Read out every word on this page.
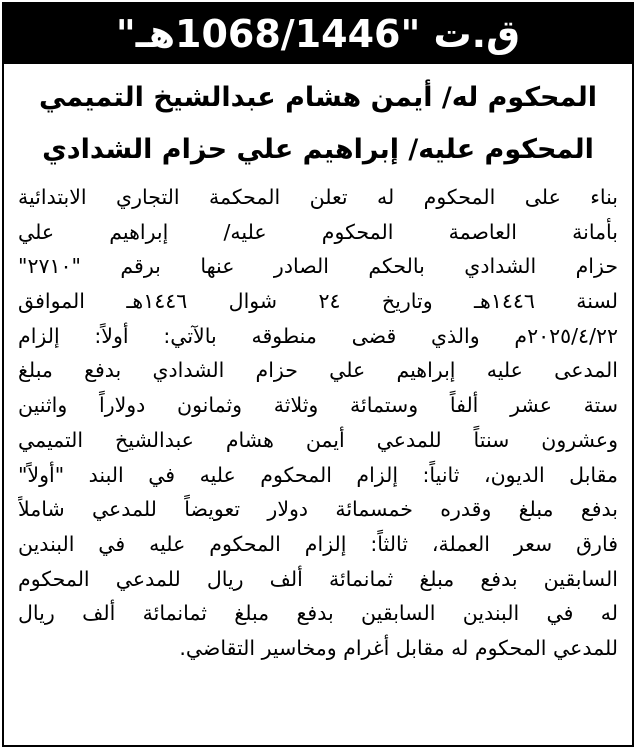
ق.ت "1068/1446هـ"
المحكوم له/ أيمن هشام عبدالشيخ التميمي
المحكوم عليه/ إبراهيم علي حزام الشدادي
بناء على المحكوم له تعلن المحكمة التجاري الابتدائية
بأمانة العاصمة المحكوم عليه/ إبراهيم علي
حزام الشدادي بالحكم الصادر عنها برقم "٢٧١٠"
لسنة ١٤٤٦هـ وتاريخ ٢٤ شوال ١٤٤٦هـ الموافق
٢٠٢٥/٤/٢٢م والذي قضى منطوقه بالآتي: أولاً: إلزام
المدعى عليه إبراهيم علي حزام الشدادي بدفع مبلغ
ستة عشر ألفاً وستمائة وثلاثة وثمانون دولاراً واثنين
وعشرون سنتاً للمدعي أيمن هشام عبدالشيخ التميمي
مقابل الديون، ثانياً: إلزام المحكوم عليه في البند "أولاً"
بدفع مبلغ وقدره خمسمائة دولار تعويضاً للمدعي شاملاً
فارق سعر العملة، ثالثاً: إلزام المحكوم عليه في البندين
السابقين بدفع مبلغ ثمانمائة ألف ريال للمدعي المحكوم
له في البندين السابقين بدفع مبلغ ثمانمائة ألف ريال
للمدعي المحكوم له مقابل أغرام ومخاسير التقاضي.
